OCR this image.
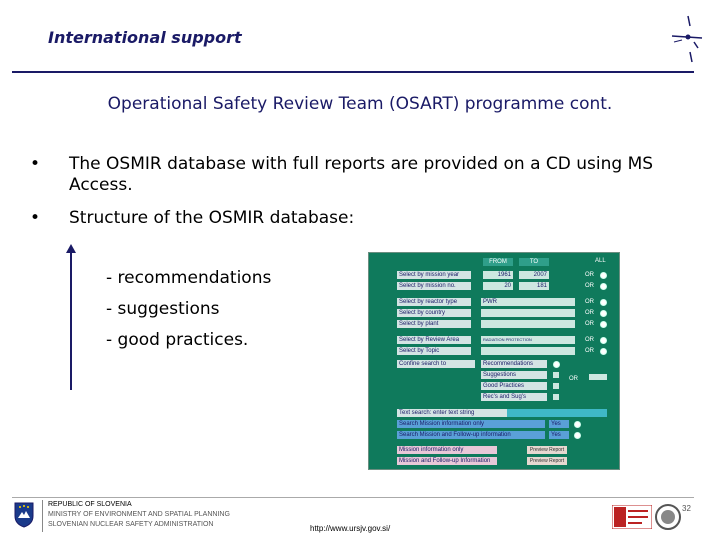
International support
Operational Safety Review Team (OSART) programme cont.
• The OSMIR database with full reports are provided on a CD using MS Access.
• Structure of the OSMIR database:
- recommendations
- suggestions
- good practices.
FROM	TO	ALL
Select by mission year	1961	2007	OR
Select by mission no.	20	181	OR
Select by reactor type	PWR	OR
Select by country	OR
Select by plant	OR
Select by Review Area	RADIATION PROTECTION	OR
Select by Topic	OR
Confine search to	Recommendations
Suggestions
Good Practices
Rec's and Sug's
OR
Text search: enter text string
Search Mission information only	Yes
Search Mission and Follow-up information	Yes
Mission information only	Preview Report
Mission and Follow-up Information	Preview Report
REPUBLIC OF SLOVENIA
MINISTRY OF ENVIRONMENT AND SPATIAL PLANNING
SLOVENIAN NUCLEAR SAFETY ADMINISTRATION	http://www.ursjv.gov.si/
32
